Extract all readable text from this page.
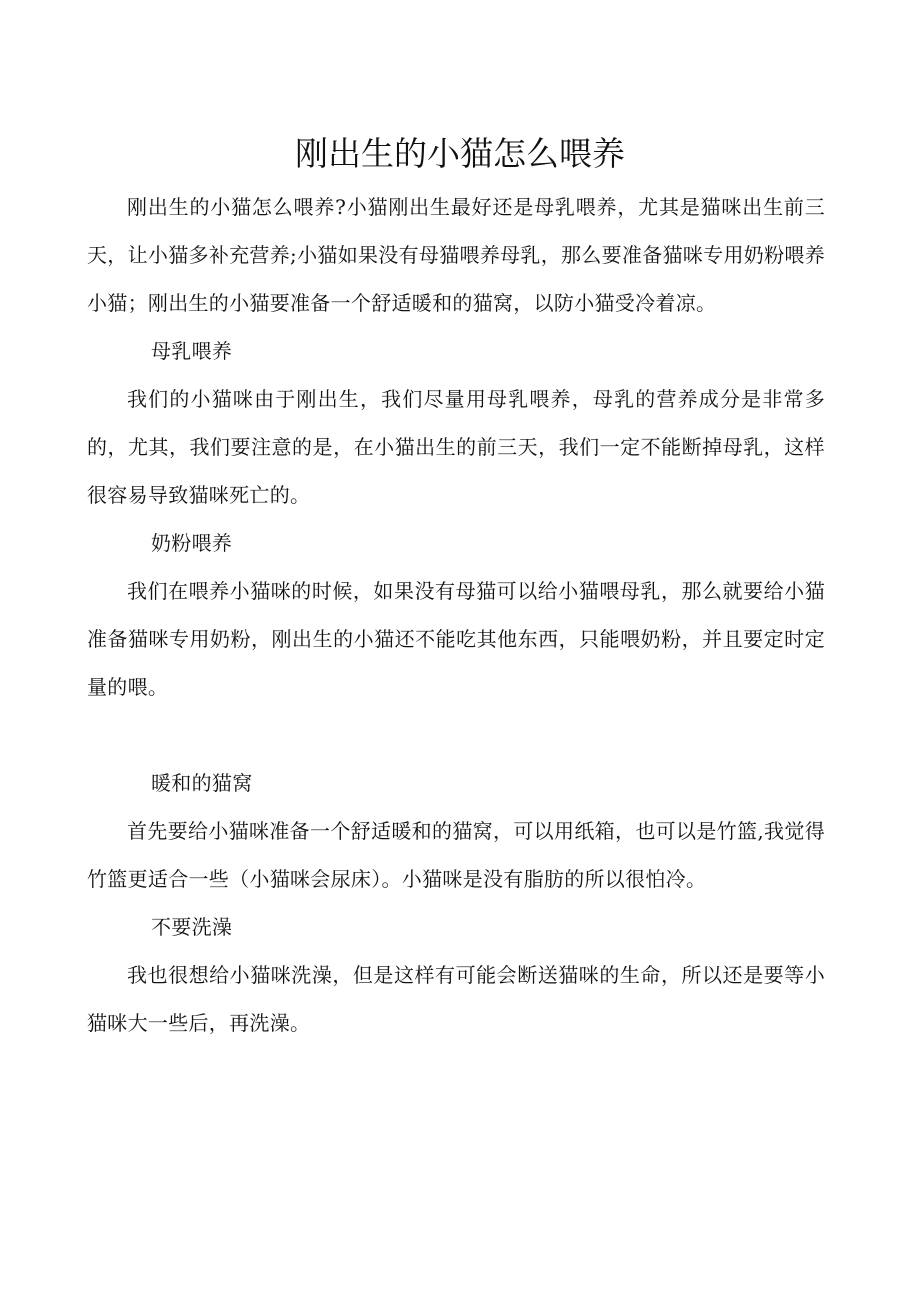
刚出生的小猫怎么喂养

刚出生的小猫怎么喂养?小猫刚出生最好还是母乳喂养，尤其是猫咪出生前三天，让小猫多补充营养;小猫如果没有母猫喂养母乳，那么要准备猫咪专用奶粉喂养小猫；刚出生的小猫要准备一个舒适暖和的猫窝，以防小猫受冷着凉。

母乳喂养

我们的小猫咪由于刚出生，我们尽量用母乳喂养，母乳的营养成分是非常多的，尤其，我们要注意的是，在小猫出生的前三天，我们一定不能断掉母乳，这样很容易导致猫咪死亡的。

奶粉喂养

我们在喂养小猫咪的时候，如果没有母猫可以给小猫喂母乳，那么就要给小猫准备猫咪专用奶粉，刚出生的小猫还不能吃其他东西，只能喂奶粉，并且要定时定量的喂。

暖和的猫窝

首先要给小猫咪准备一个舒适暖和的猫窝，可以用纸箱，也可以是竹篮,我觉得竹篮更适合一些（小猫咪会尿床）。小猫咪是没有脂肪的所以很怕冷。

不要洗澡

我也很想给小猫咪洗澡，但是这样有可能会断送猫咪的生命，所以还是要等小猫咪大一些后，再洗澡。
